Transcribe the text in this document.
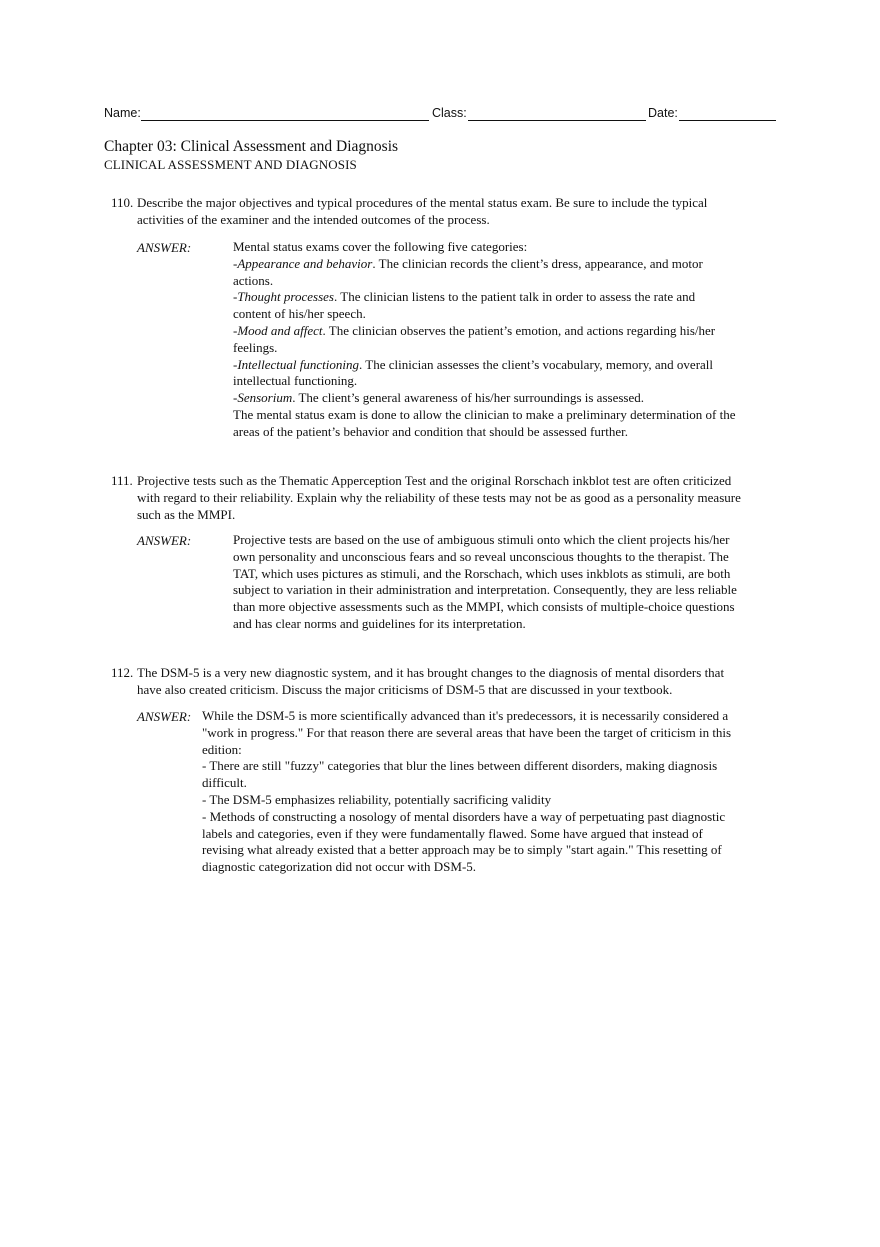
Name:	Class:	Date:
Chapter 03: Clinical Assessment and Diagnosis
CLINICAL ASSESSMENT AND DIAGNOSIS
110. Describe the major objectives and typical procedures of the mental status exam. Be sure to include the typical
activities of the examiner and the intended outcomes of the process.
ANSWER:	Mental status exams cover the following five categories:
-Appearance and behavior. The clinician records the client’s dress, appearance, and motor
actions.
-Thought processes. The clinician listens to the patient talk in order to assess the rate and
content of his/her speech.
-Mood and affect. The clinician observes the patient’s emotion, and actions regarding his/her
feelings.
-Intellectual functioning. The clinician assesses the client’s vocabulary, memory, and overall
intellectual functioning.
-Sensorium. The client’s general awareness of his/her surroundings is assessed.
The mental status exam is done to allow the clinician to make a preliminary determination of the
areas of the patient’s behavior and condition that should be assessed further.
111. Projective tests such as the Thematic Apperception Test and the original Rorschach inkblot test are often criticized
with regard to their reliability. Explain why the reliability of these tests may not be as good as a personality measure
such as the MMPI.
ANSWER:	Projective tests are based on the use of ambiguous stimuli onto which the client projects his/her
own personality and unconscious fears and so reveal unconscious thoughts to the therapist. The
TAT, which uses pictures as stimuli, and the Rorschach, which uses inkblots as stimuli, are both
subject to variation in their administration and interpretation. Consequently, they are less reliable
than more objective assessments such as the MMPI, which consists of multiple-choice questions
and has clear norms and guidelines for its interpretation.
112. The DSM-5 is a very new diagnostic system, and it has brought changes to the diagnosis of mental disorders that
have also created criticism. Discuss the major criticisms of DSM-5 that are discussed in your textbook.
ANSWER: While the DSM-5 is more scientifically advanced than it's predecessors, it is necessarily considered a
"work in progress." For that reason there are several areas that have been the target of criticism in this
edition:
- There are still "fuzzy" categories that blur the lines between different disorders, making diagnosis
difficult.
- The DSM-5 emphasizes reliability, potentially sacrificing validity
- Methods of constructing a nosology of mental disorders have a way of perpetuating past diagnostic
labels and categories, even if they were fundamentally flawed. Some have argued that instead of
revising what already existed that a better approach may be to simply "start again." This resetting of
diagnostic categorization did not occur with DSM-5.
